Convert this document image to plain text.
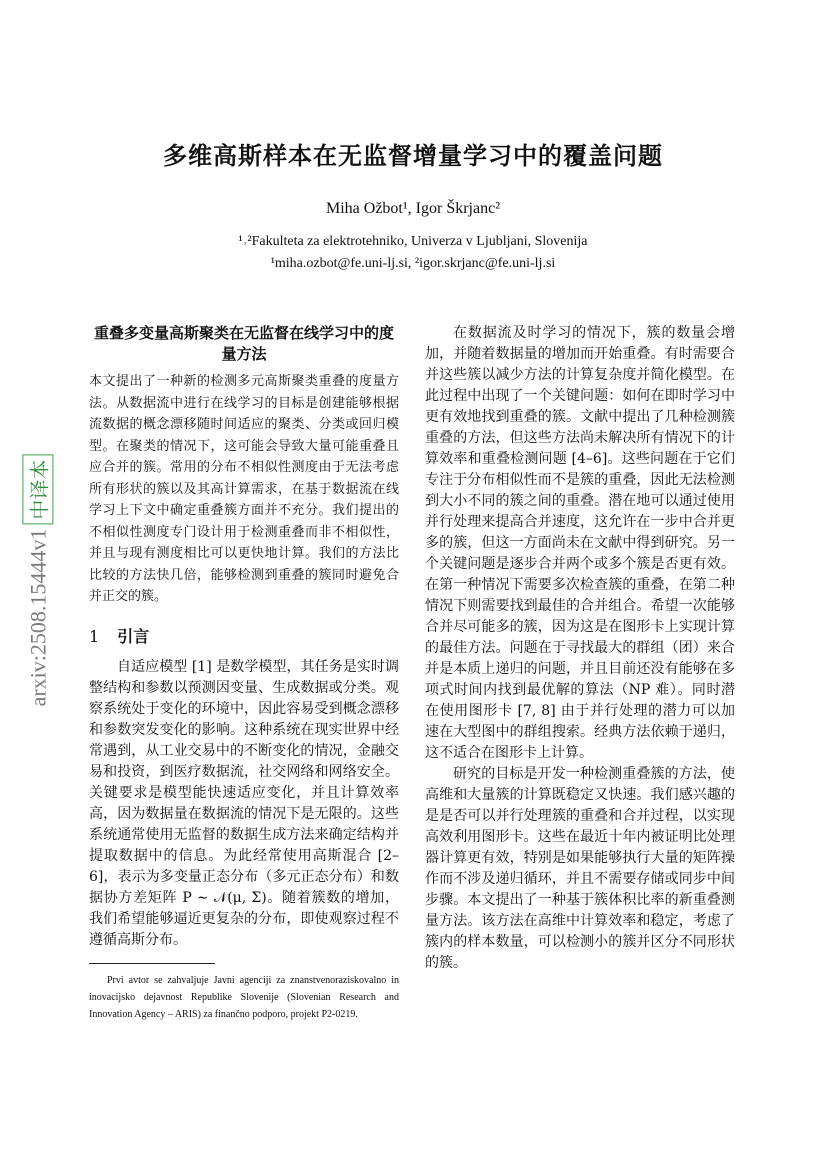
arxiv:2508.15444v1
中译本
多维高斯样本在无监督增量学习中的覆盖问题
Miha Ožbot¹, Igor Škrjanc²
¹˒²Fakulteta za elektrotehniko, Univerza v Ljubljani, Slovenija
¹miha.ozbot@fe.uni-lj.si, ²igor.skrjanc@fe.uni-lj.si
重叠多变量高斯聚类在无监督在线学习中的度量方法

本文提出了一种新的检测多元高斯聚类重叠的度量方法。从数据流中进行在线学习的目标是创建能够根据流数据的概念漂移随时间适应的聚类、分类或回归模型。在聚类的情况下，这可能会导致大量可能重叠且应合并的簇。常用的分布不相似性测度由于无法考虑所有形状的簇以及其高计算需求，在基于数据流在线学习上下文中确定重叠簇方面并不充分。我们提出的不相似性测度专门设计用于检测重叠而非不相似性，并且与现有测度相比可以更快地计算。我们的方法比比较的方法快几倍，能够检测到重叠的簇同时避免合并正交的簇。

1 引言

自适应模型 [1] 是数学模型，其任务是实时调整结构和参数以预测因变量、生成数据或分类。观察系统处于变化的环境中，因此容易受到概念漂移和参数突发变化的影响。这种系统在现实世界中经常遇到，从工业交易中的不断变化的情况，金融交易和投资，到医疗数据流，社交网络和网络安全。关键要求是模型能快速适应变化，并且计算效率高，因为数据量在数据流的情况下是无限的。这些系统通常使用无监督的数据生成方法来确定结构并提取数据中的信息。为此经常使用高斯混合 [2–6]，表示为多变量正态分布（多元正态分布）和数据协方差矩阵 P ∼ 𝒩(μ, Σ)。随着簇数的增加，我们希望能够逼近更复杂的分布，即使观察过程不遵循高斯分布。

Prvi avtor se zahvaljuje Javni agenciji za znanstvenoraziskovalno in inovacijsko dejavnost Republike Slovenije (Slovenian Research and Innovation Agency – ARIS) za finančno podporo, projekt P2-0219.

在数据流及时学习的情况下，簇的数量会增加，并随着数据量的增加而开始重叠。有时需要合并这些簇以减少方法的计算复杂度并简化模型。在此过程中出现了一个关键问题：如何在即时学习中更有效地找到重叠的簇。文献中提出了几种检测簇重叠的方法，但这些方法尚未解决所有情况下的计算效率和重叠检测问题 [4–6]。这些问题在于它们专注于分布相似性而不是簇的重叠，因此无法检测到大小不同的簇之间的重叠。潜在地可以通过使用并行处理来提高合并速度，这允许在一步中合并更多的簇，但这一方面尚未在文献中得到研究。另一个关键问题是逐步合并两个或多个簇是否更有效。在第一种情况下需要多次检查簇的重叠，在第二种情况下则需要找到最佳的合并组合。希望一次能够合并尽可能多的簇，因为这是在图形卡上实现计算的最佳方法。问题在于寻找最大的群组（团）来合并是本质上递归的问题，并且目前还没有能够在多项式时间内找到最优解的算法（NP 难）。同时潜在使用图形卡 [7, 8] 由于并行处理的潜力可以加速在大型图中的群组搜索。经典方法依赖于递归，这不适合在图形卡上计算。

研究的目标是开发一种检测重叠簇的方法，使高维和大量簇的计算既稳定又快速。我们感兴趣的是是否可以并行处理簇的重叠和合并过程，以实现高效利用图形卡。这些在最近十年内被证明比处理器计算更有效，特别是如果能够执行大量的矩阵操作而不涉及递归循环，并且不需要存储或同步中间步骤。本文提出了一种基于簇体积比率的新重叠测量方法。该方法在高维中计算效率和稳定，考虑了簇内的样本数量，可以检测小的簇并区分不同形状的簇。
